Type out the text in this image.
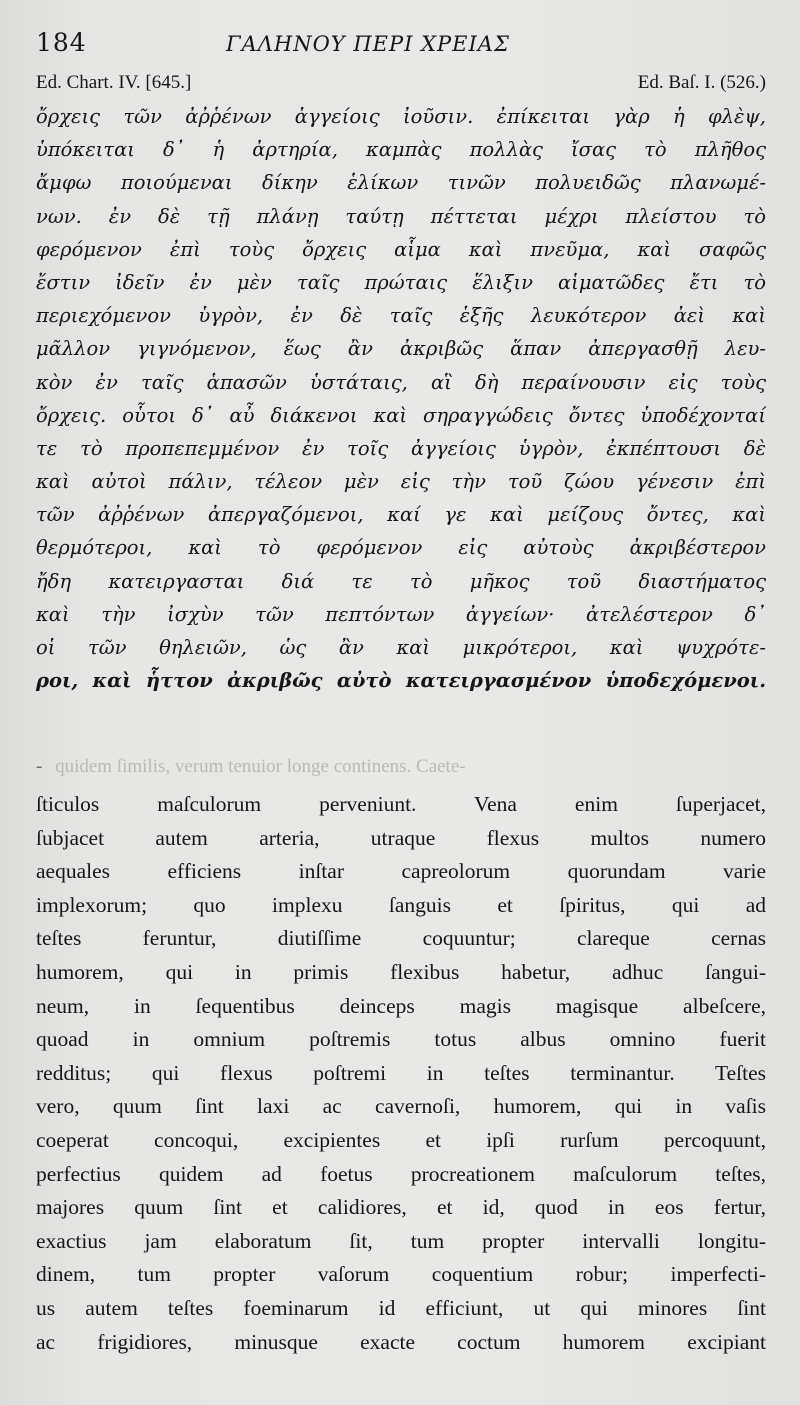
184	ΓΑΛΗΝΟΥ ΠΕΡΙ ΧΡΕΙΑΣ
Ed. Chart. IV. [645.]	Ed. Baſ. I. (526.)
ὄρχεις τῶν ἀῤῥένων ἀγγείοις ἰοῦσιν. ἐπίκειται γὰρ ἡ φλὲψ,
ὑπόκειται δ᾽ ἡ ἀρτηρία, καμπὰς πολλὰς ἴσας τὸ πλῆθος
ἄμφω ποιούμεναι δίκην ἑλίκων τινῶν πολυειδῶς πλανωμέ-
νων. ἐν δὲ τῇ πλάνῃ ταύτῃ πέττεται μέχρι πλείστου τὸ
φερόμενον ἐπὶ τοὺς ὄρχεις αἷμα καὶ πνεῦμα, καὶ σαφῶς
ἔστιν ἰδεῖν ἐν μὲν ταῖς πρώταις ἕλιξιν αἱματῶδες ἔτι τὸ
περιεχόμενον ὑγρὸν, ἐν δὲ ταῖς ἑξῆς λευκότερον ἀεὶ καὶ
μᾶλλον γιγνόμενον, ἕως ἂν ἀκριβῶς ἅπαν ἀπεργασθῇ λευ-
κὸν ἐν ταῖς ἁπασῶν ὑστάταις, αἳ δὴ περαίνουσιν εἰς τοὺς
ὄρχεις. οὗτοι δ᾽ αὖ διάκενοι καὶ σηραγγώδεις ὄντες ὑποδέχονταί
τε τὸ προπεπεμμένον ἐν τοῖς ἀγγείοις ὑγρὸν, ἐκπέπτουσι δὲ
καὶ αὐτοὶ πάλιν, τέλεον μὲν εἰς τὴν τοῦ ζώου γένεσιν ἐπὶ
τῶν ἀῤῥένων ἀπεργαζόμενοι, καί γε καὶ μείζους ὄντες, καὶ
θερμότεροι, καὶ τὸ φερόμενον εἰς αὐτοὺς ἀκριβέστερον
ἤδη κατειργασται διά τε τὸ μῆκος τοῦ διαστήματος
καὶ τὴν ἰσχὺν τῶν πεπτόντων ἀγγείων· ἀτελέστερον δ᾽
οἱ τῶν θηλειῶν, ὡς ἂν καὶ μικρότεροι, καὶ ψυχρότε-
ροι, καὶ ἧττον ἀκριβῶς αὐτὸ κατειργασμένον ὑποδεχόμενοι.
- quidem ſimilis, verum tenuior longe continens. Caete-
ſticulos maſculorum perveniunt. Vena enim ſuperjacet,
ſubjacet autem arteria, utraque flexus multos numero
aequales efficiens inſtar capreolorum quorundam varie
implexorum; quo implexu ſanguis et ſpiritus, qui ad
teſtes feruntur, diutiſſime coquuntur; clareque cernas
humorem, qui in primis flexibus habetur, adhuc ſangui-
neum, in ſequentibus deinceps magis magisque albeſcere,
quoad in omnium poſtremis totus albus omnino fuerit
redditus; qui flexus poſtremi in teſtes terminantur. Teſtes
vero, quum ſint laxi ac cavernoſi, humorem, qui in vaſis
coeperat concoqui, excipientes et ipſi rurſum percoquunt,
perfectius quidem ad foetus procreationem maſculorum teſtes,
majores quum ſint et calidiores, et id, quod in eos fertur,
exactius jam elaboratum ſit, tum propter intervalli longitu-
dinem, tum propter vaſorum coquentium robur; imperfecti-
us autem teſtes foeminarum id efficiunt, ut qui minores ſint
ac frigidiores, minusque exacte coctum humorem excipiant
